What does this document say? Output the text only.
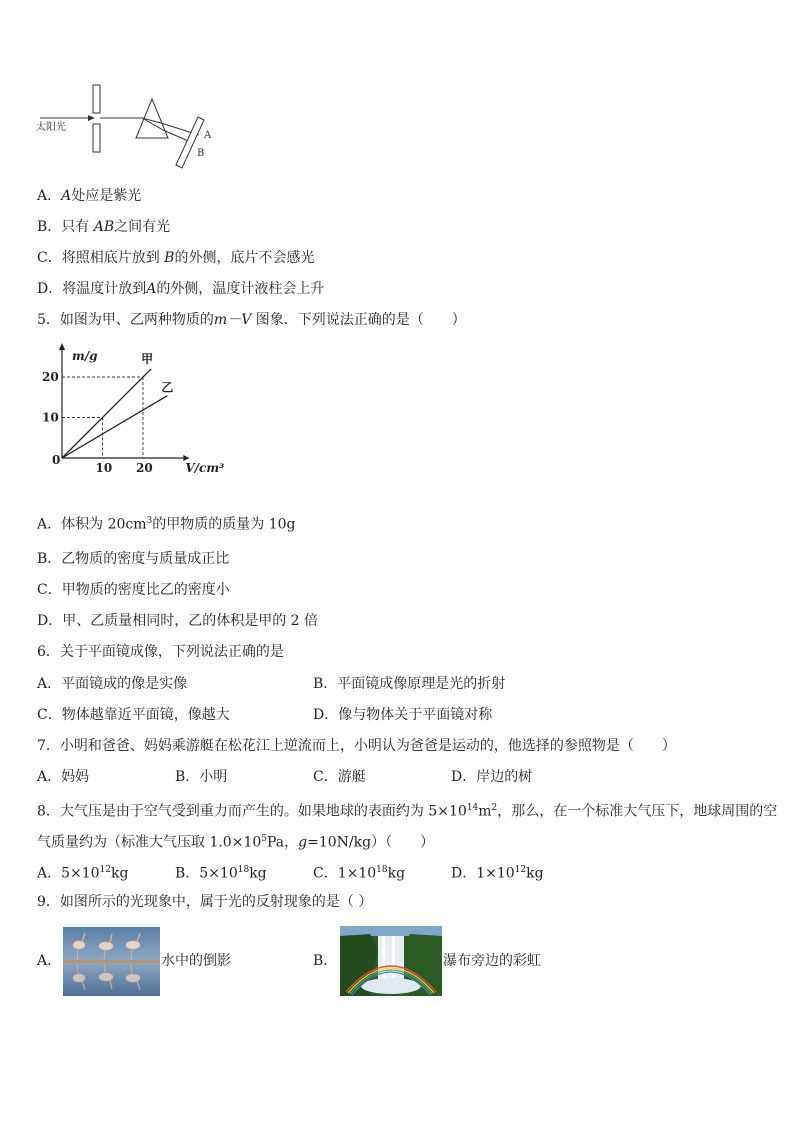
太阳光
A
B
A．A处应是紫光
B．只有 AB之间有光
C．将照相底片放到 B的外侧，底片不会感光
D．将温度计放到A的外侧，温度计液柱会上升
5．如图为甲、乙两种物质的m－V 图象．下列说法正确的是（　　）
甲
乙
10 20
10
20
0
m/g
V/cm³
A．体积为 $20cm^3$的甲物质的质量为 10g
B．乙物质的密度与质量成正比
C．甲物质的密度比乙的密度小
D．甲、乙质量相同时，乙的体积是甲的 2 倍
6．关于平面镜成像，下列说法正确的是
A．平面镜成的像是实像	B．平面镜成像原理是光的折射
C．物体越靠近平面镜，像越大	D．像与物体关于平面镜对称
7．小明和爸爸、妈妈乘游艇在松花江上逆流而上，小明认为爸爸是运动的，他选择的参照物是（　　）
A．妈妈	B．小明	C．游艇	D．岸边的树
8．大气压是由于空气受到重力而产生的。如果地球的表面约为 $5\times 10^{14}m^2$，那么，在一个标准大气压下，地球周围的空
气质量约为（标准大气压取 $1.0\times 10^5Pa$，g=10N/kg）（　　）
A．$5\times 10^{12}kg$	B．$5\times 10^{18}kg$	C．$1\times 10^{18}kg$	D．$1\times 10^{12}kg$
9．如图所示的光现象中，属于光的反射现象的是（ ）
A．	水中的倒影	B．	瀑布旁边的彩虹
